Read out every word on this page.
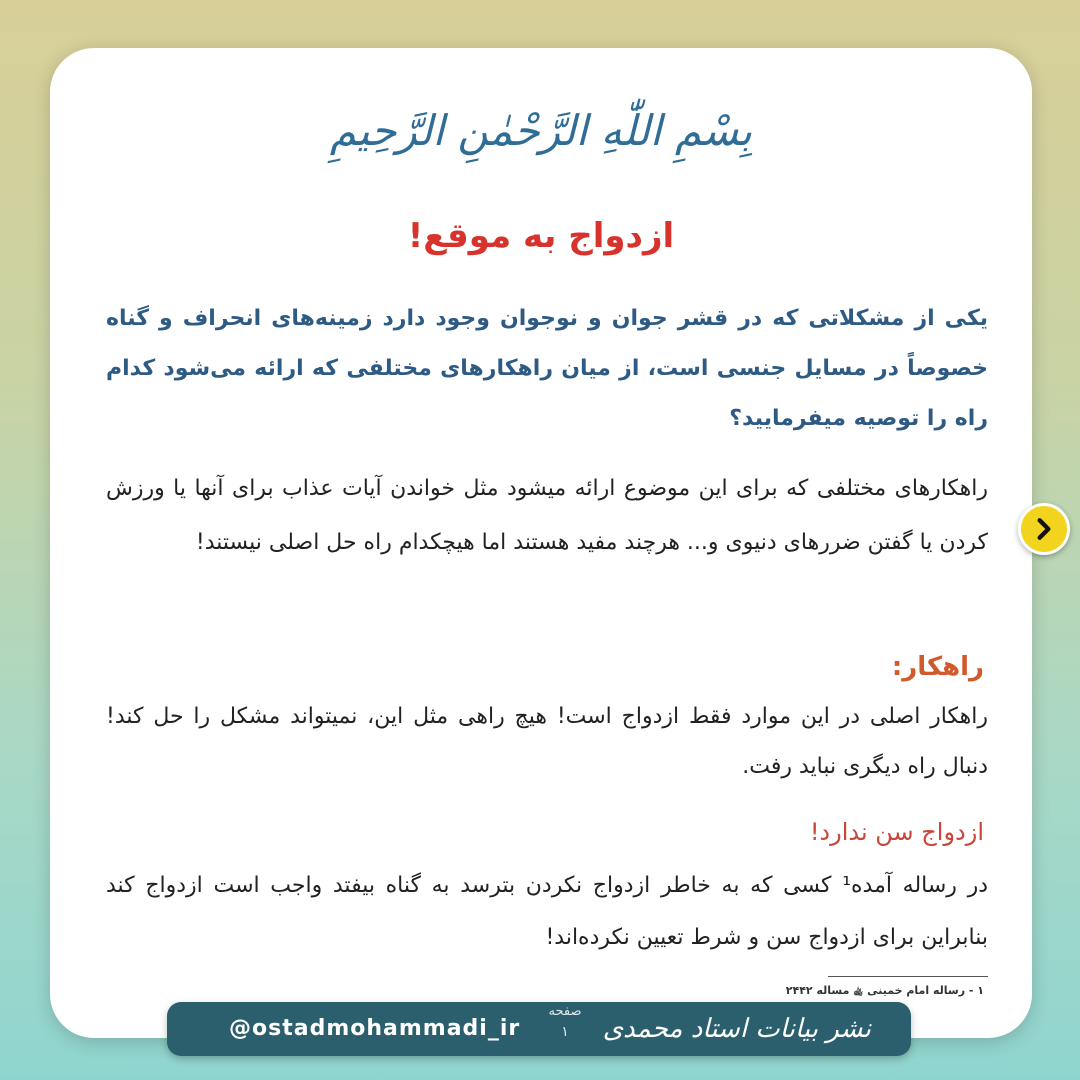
بِسْمِ اللّٰهِ الرَّحْمٰنِ الرَّحِیمِ
ازدواج به موقع!
یکی از مشکلاتی که در قشر جوان و نوجوان وجود دارد زمینه‌های انحراف و گناه خصوصاً در مسایل جنسی است، از میان راهکارهای مختلفی که ارائه می‌شود کدام راه را توصیه میفرمایید؟
راهکارهای مختلفی که برای این موضوع ارائه میشود مثل خواندن آیات عذاب برای آنها یا ورزش کردن یا گفتن ضررهای دنیوی و... هرچند مفید هستند اما هیچکدام راه حل اصلی نیستند!
راهکار:
راهکار اصلی در این موارد فقط ازدواج است! هیچ راهی مثل این، نمیتواند مشکل را حل کند! دنبال راه دیگری نباید رفت.
ازدواج سن ندارد!
در رساله آمده¹ کسی که به خاطر ازدواج نکردن بترسد به گناه بیفتد واجب است ازدواج کند بنابراین برای ازدواج سن و شرط تعیین نکرده‌اند!
۱ - رساله امام خمینی ﵀ مساله ۲۴۴۲
@ostadmohammadi_ir
صفحه
۱	نشر بیانات استاد محمدی
